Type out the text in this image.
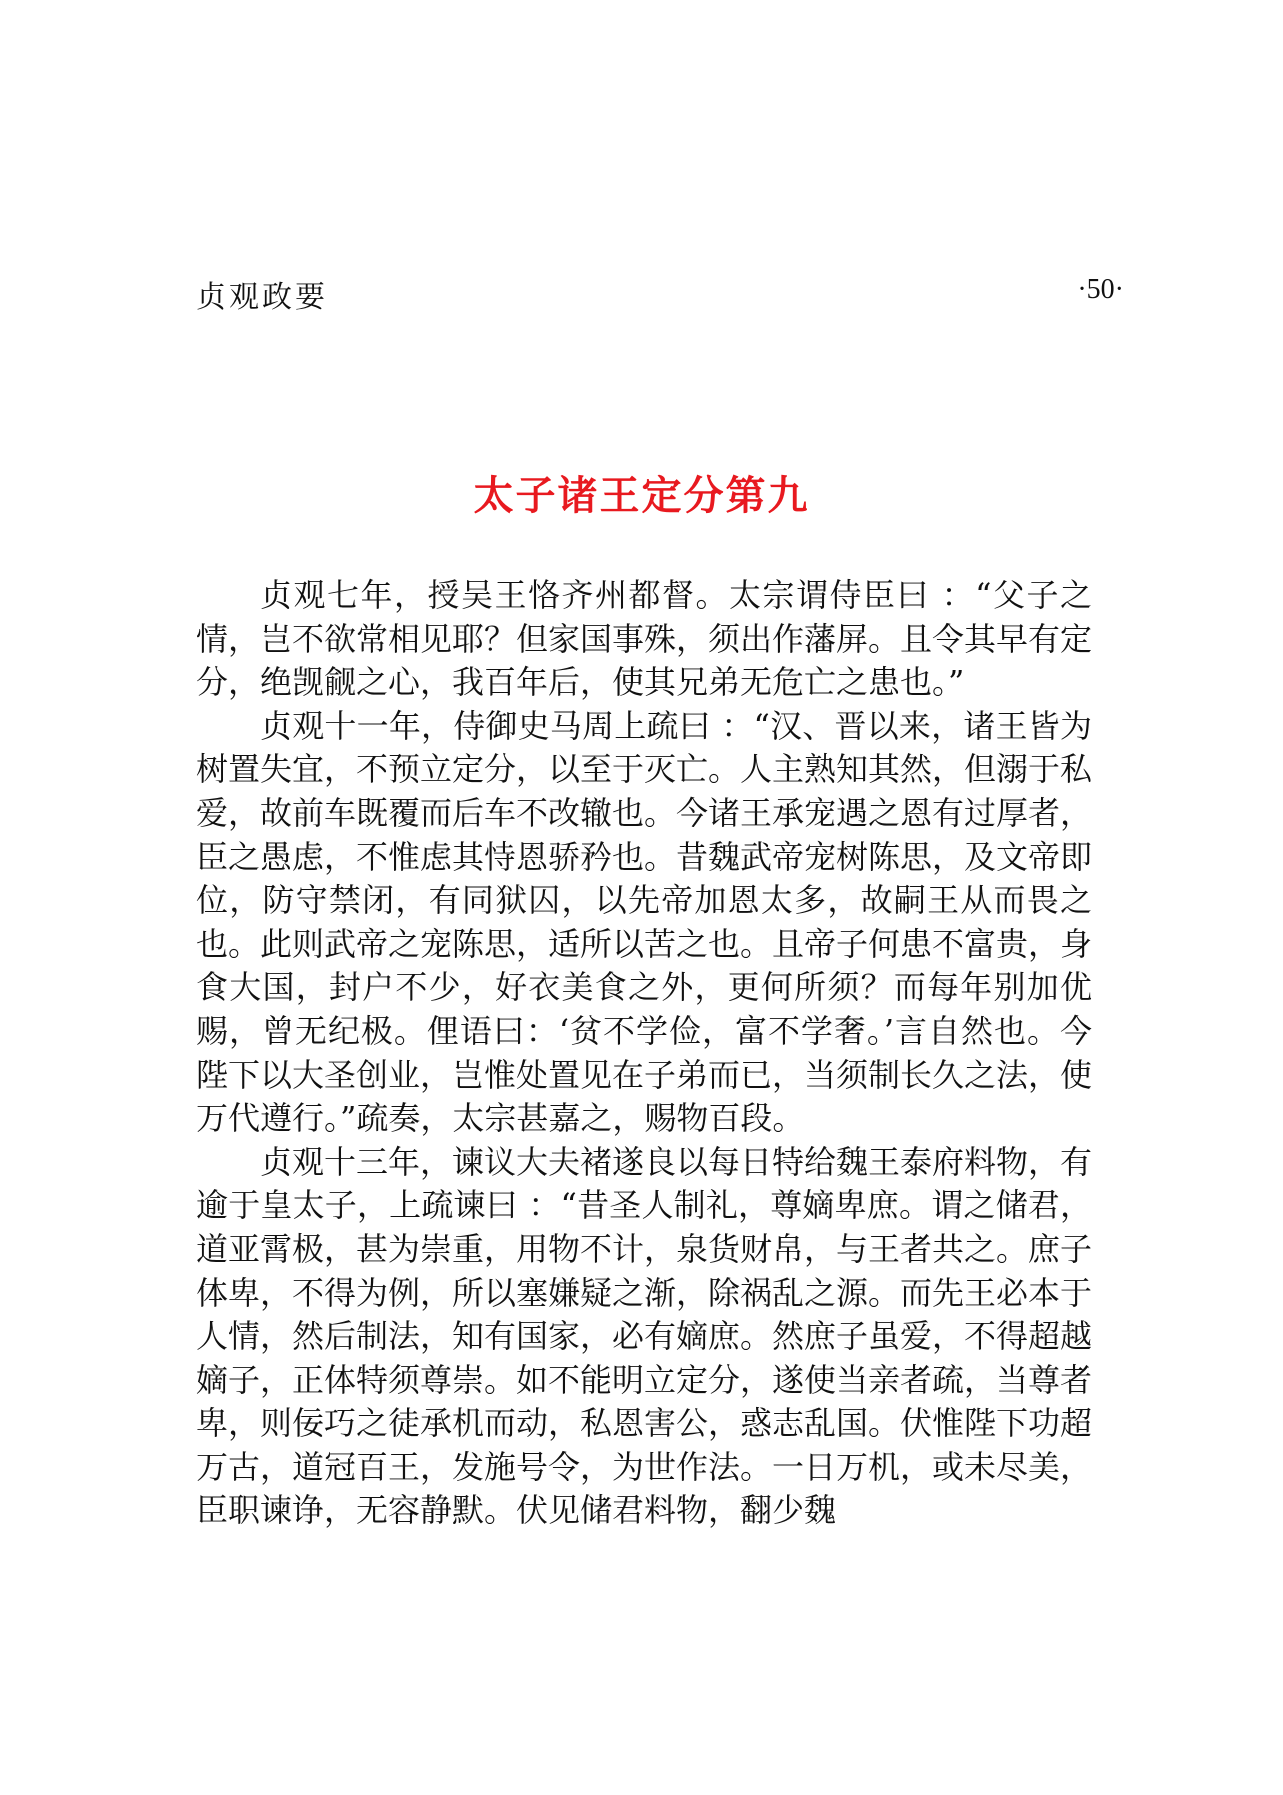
贞观政要	·50·
太子诸王定分第九

贞观七年，授吴王恪齐州都督。太宗谓侍臣曰 ：“父子之情，岂不欲常相见耶？但家国事殊，须出作藩屏。且令其早有定分，绝觊觎之心，我百年后，使其兄弟无危亡之患也。”

贞观十一年，侍御史马周上疏曰 ：“汉、晋以来，诸王皆为树置失宜，不预立定分，以至于灭亡。人主熟知其然，但溺于私爱，故前车既覆而后车不改辙也。今诸王承宠遇之恩有过厚者，臣之愚虑，不惟虑其恃恩骄矜也。昔魏武帝宠树陈思，及文帝即位，防守禁闭，有同狱囚，以先帝加恩太多，故嗣王从而畏之也。此则武帝之宠陈思，适所以苦之也。且帝子何患不富贵，身食大国，封户不少，好衣美食之外，更何所须？而每年别加优赐，曾无纪极。俚语曰：‘贫不学俭，富不学奢。’言自然也。今陛下以大圣创业，岂惟处置见在子弟而已，当须制长久之法，使万代遵行。”疏奏，太宗甚嘉之，赐物百段。

贞观十三年，谏议大夫褚遂良以每日特给魏王泰府料物，有逾于皇太子，上疏谏曰 ：“昔圣人制礼，尊嫡卑庶。谓之储君，道亚霄极，甚为崇重，用物不计，泉货财帛，与王者共之。庶子体卑，不得为例，所以塞嫌疑之渐，除祸乱之源。而先王必本于人情，然后制法，知有国家，必有嫡庶。然庶子虽爱，不得超越嫡子，正体特须尊崇。如不能明立定分，遂使当亲者疏，当尊者卑，则佞巧之徒承机而动，私恩害公，惑志乱国。伏惟陛下功超万古，道冠百王，发施号令，为世作法。一日万机，或未尽美，臣职谏诤，无容静默。伏见储君料物，翻少魏
